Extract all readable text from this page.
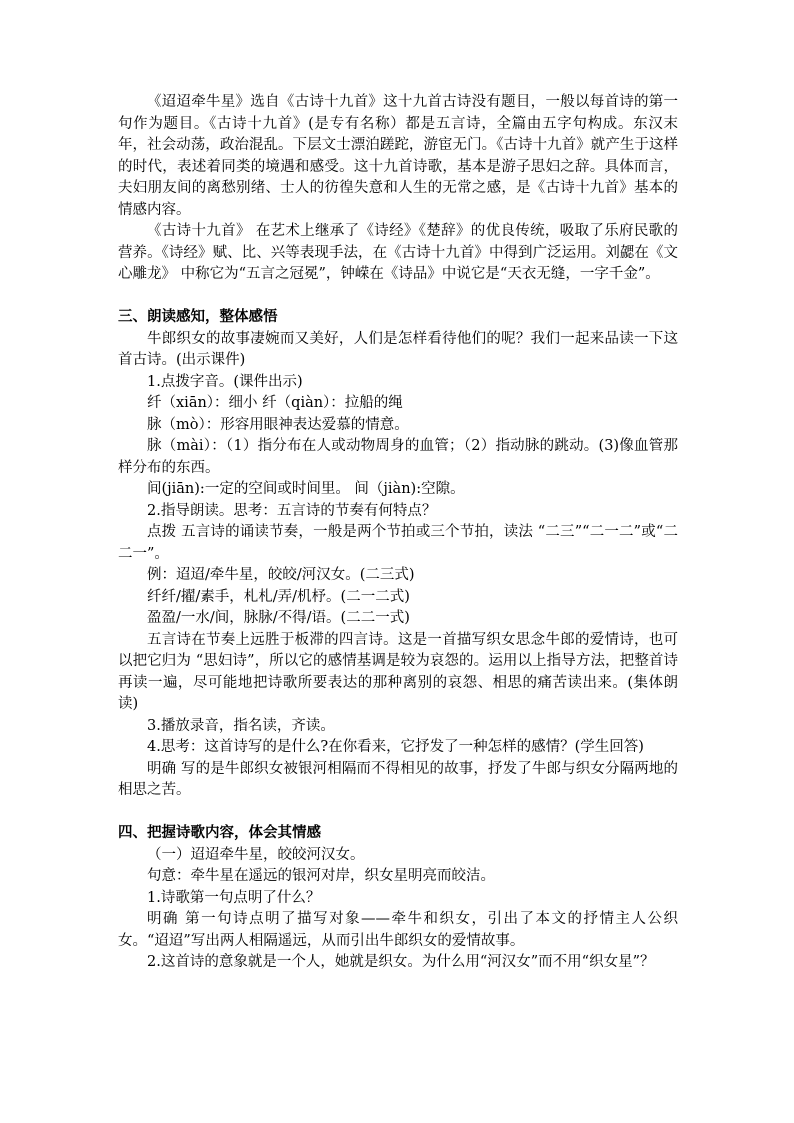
《迢迢牵牛星》选自《古诗十九首》这十九首古诗没有题目，一般以每首诗的第一句作为题目。《古诗十九首》(是专有名称）都是五言诗，全篇由五字句构成。东汉末年，社会动荡，政治混乱。下层文士漂泊蹉跎，游宦无门。《古诗十九首》就产生于这样的时代，表述着同类的境遇和感受。这十九首诗歌，基本是游子思妇之辞。具体而言，夫妇朋友间的离愁别绪、士人的彷徨失意和人生的无常之感，是《古诗十九首》基本的情感内容。

《古诗十九首》 在艺术上继承了《诗经》《楚辞》的优良传统，吸取了乐府民歌的营养。《诗经》赋、比、兴等表现手法，在《古诗十九首》中得到广泛运用。刘勰在《文心雕龙》 中称它为“五言之冠冕”，钟嵘在《诗品》中说它是“天衣无缝，一字千金”。

三、朗读感知，整体感悟

牛郎织女的故事凄婉而又美好，人们是怎样看待他们的呢？我们一起来品读一下这首古诗。(出示课件)

1.点拨字音。(课件出示)

纤（xiān）：细小 纤（qiàn）：拉船的绳

脉（mò）：形容用眼神表达爱慕的情意。

脉（mài）：（1）指分布在人或动物周身的血管；（2）指动脉的跳动。(3)像血管那样分布的东西。

间(jiān):一定的空间或时间里。 间（jiàn):空隙。

2.指导朗读。思考：五言诗的节奏有何特点？

点拨 五言诗的诵读节奏，一般是两个节拍或三个节拍，读法 “二三”“二一二”或“二二一”。

例：迢迢/牵牛星，皎皎/河汉女。(二三式)

纤纤/擢/素手，札札/弄/机杼。(二一二式)

盈盈/一水/间，脉脉/不得/语。(二二一式)

五言诗在节奏上远胜于板滞的四言诗。这是一首描写织女思念牛郎的爱情诗，也可以把它归为 “思妇诗”，所以它的感情基调是较为哀怨的。运用以上指导方法，把整首诗再读一遍，尽可能地把诗歌所要表达的那种离别的哀怨、相思的痛苦读出来。(集体朗读)

3.播放录音，指名读，齐读。

4.思考：这首诗写的是什么?在你看来，它抒发了一种怎样的感情？(学生回答)

明确 写的是牛郎织女被银河相隔而不得相见的故事，抒发了牛郎与织女分隔两地的相思之苦。

四、把握诗歌内容，体会其情感

（一）迢迢牵牛星，皎皎河汉女。

句意：牵牛星在遥远的银河对岸，织女星明亮而皎洁。

1.诗歌第一句点明了什么？

明确 第一句诗点明了描写对象——牵牛和织女，引出了本文的抒情主人公织女。“迢迢”写出两人相隔遥远，从而引出牛郎织女的爱情故事。

2.这首诗的意象就是一个人，她就是织女。为什么用“河汉女”而不用“织女星”？
